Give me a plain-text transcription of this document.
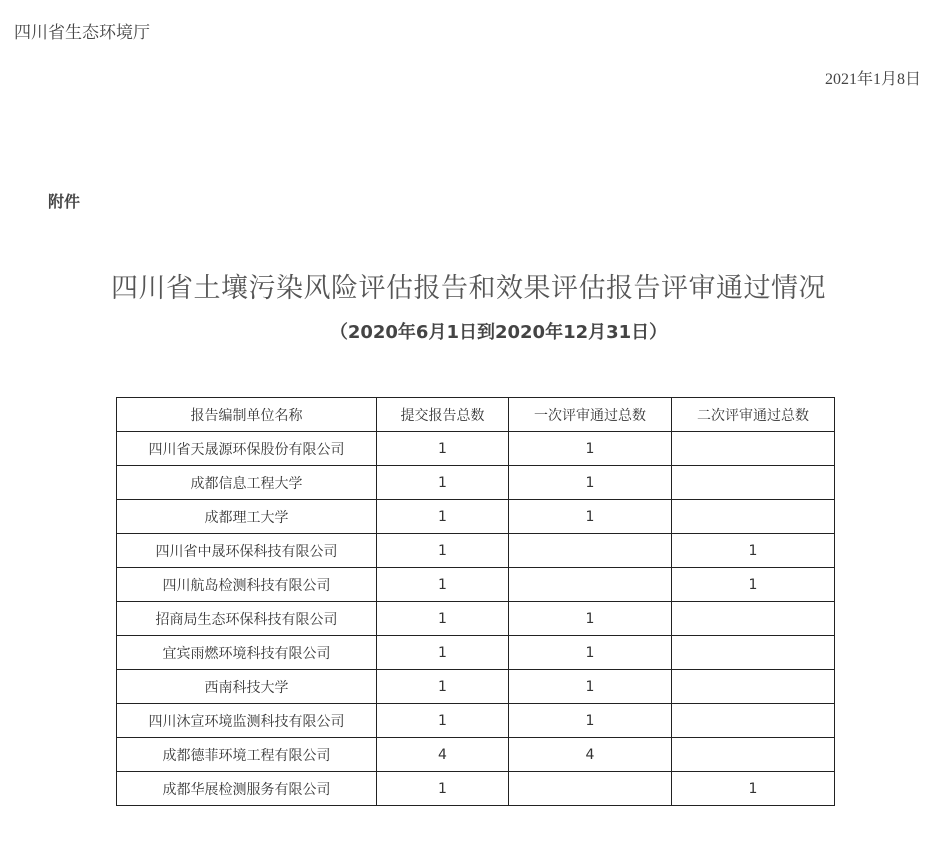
四川省生态环境厅
2021年1月8日
附件
四川省土壤污染风险评估报告和效果评估报告评审通过情况
（2020年6月1日到2020年12月31日）
报告编制单位名称	提交报告总数	一次评审通过总数	二次评审通过总数
四川省天晟源环保股份有限公司	1	1	
成都信息工程大学	1	1	
成都理工大学	1	1	
四川省中晟环保科技有限公司	1		1
四川航岛检测科技有限公司	1		1
招商局生态环保科技有限公司	1	1	
宜宾雨燃环境科技有限公司	1	1	
西南科技大学	1	1	
四川沐宣环境监测科技有限公司	1	1	
成都德菲环境工程有限公司	4	4	
成都华展检测服务有限公司	1		1
